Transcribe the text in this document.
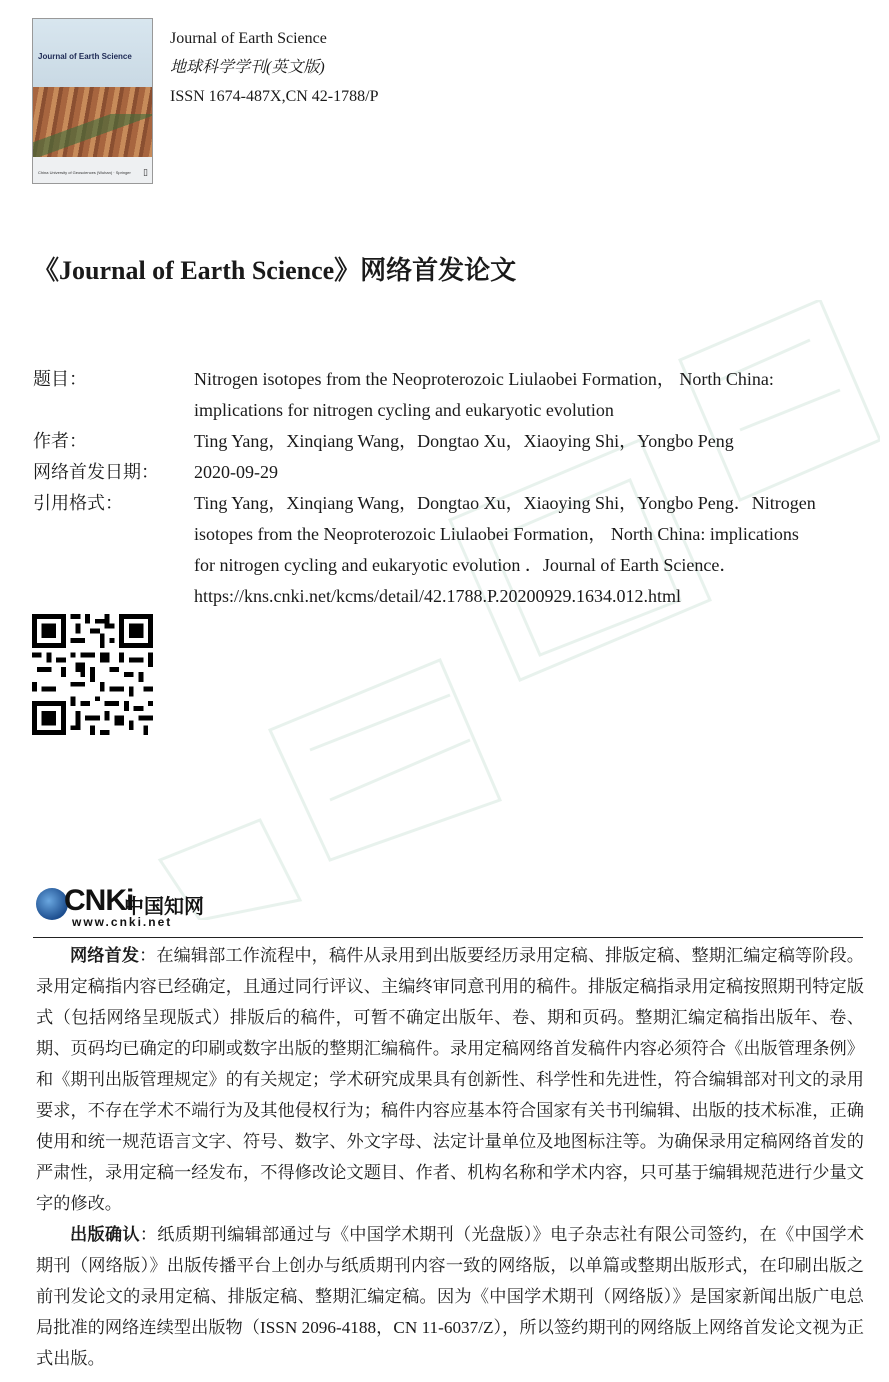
Journal of Earth Science
China University of Geosciences (Wuhan) · Springer ▯
Journal of Earth Science
地球科学学刊(英文版)
ISSN 1674-487X,CN 42-1788/P
《Journal of Earth Science》网络首发论文
题目：	Nitrogen isotopes from the Neoproterozoic Liulaobei Formation， North China:
implications for nitrogen cycling and eukaryotic evolution
作者：	Ting Yang，Xinqiang Wang，Dongtao Xu，Xiaoying Shi，Yongbo Peng
网络首发日期：	2020-09-29
引用格式：	Ting Yang，Xinqiang Wang，Dongtao Xu，Xiaoying Shi，Yongbo Peng．Nitrogen
isotopes from the Neoproterozoic Liulaobei Formation， North China: implications
for nitrogen cycling and eukaryotic evolution ．Journal of Earth Science．
https://kns.cnki.net/kcms/detail/42.1788.P.20200929.1634.012.html
CNKi
中国知网
www.cnki.net

网络首发：在编辑部工作流程中，稿件从录用到出版要经历录用定稿、排版定稿、整期汇编定稿等阶段。录用定稿指内容已经确定，且通过同行评议、主编终审同意刊用的稿件。排版定稿指录用定稿按照期刊特定版式（包括网络呈现版式）排版后的稿件，可暂不确定出版年、卷、期和页码。整期汇编定稿指出版年、卷、期、页码均已确定的印刷或数字出版的整期汇编稿件。录用定稿网络首发稿件内容必须符合《出版管理条例》和《期刊出版管理规定》的有关规定；学术研究成果具有创新性、科学性和先进性，符合编辑部对刊文的录用要求，不存在学术不端行为及其他侵权行为；稿件内容应基本符合国家有关书刊编辑、出版的技术标准，正确使用和统一规范语言文字、符号、数字、外文字母、法定计量单位及地图标注等。为确保录用定稿网络首发的严肃性，录用定稿一经发布，不得修改论文题目、作者、机构名称和学术内容，只可基于编辑规范进行少量文字的修改。

出版确认：纸质期刊编辑部通过与《中国学术期刊（光盘版）》电子杂志社有限公司签约，在《中国学术期刊（网络版）》出版传播平台上创办与纸质期刊内容一致的网络版，以单篇或整期出版形式，在印刷出版之前刊发论文的录用定稿、排版定稿、整期汇编定稿。因为《中国学术期刊（网络版）》是国家新闻出版广电总局批准的网络连续型出版物（ISSN 2096-4188，CN 11-6037/Z），所以签约期刊的网络版上网络首发论文视为正式出版。
